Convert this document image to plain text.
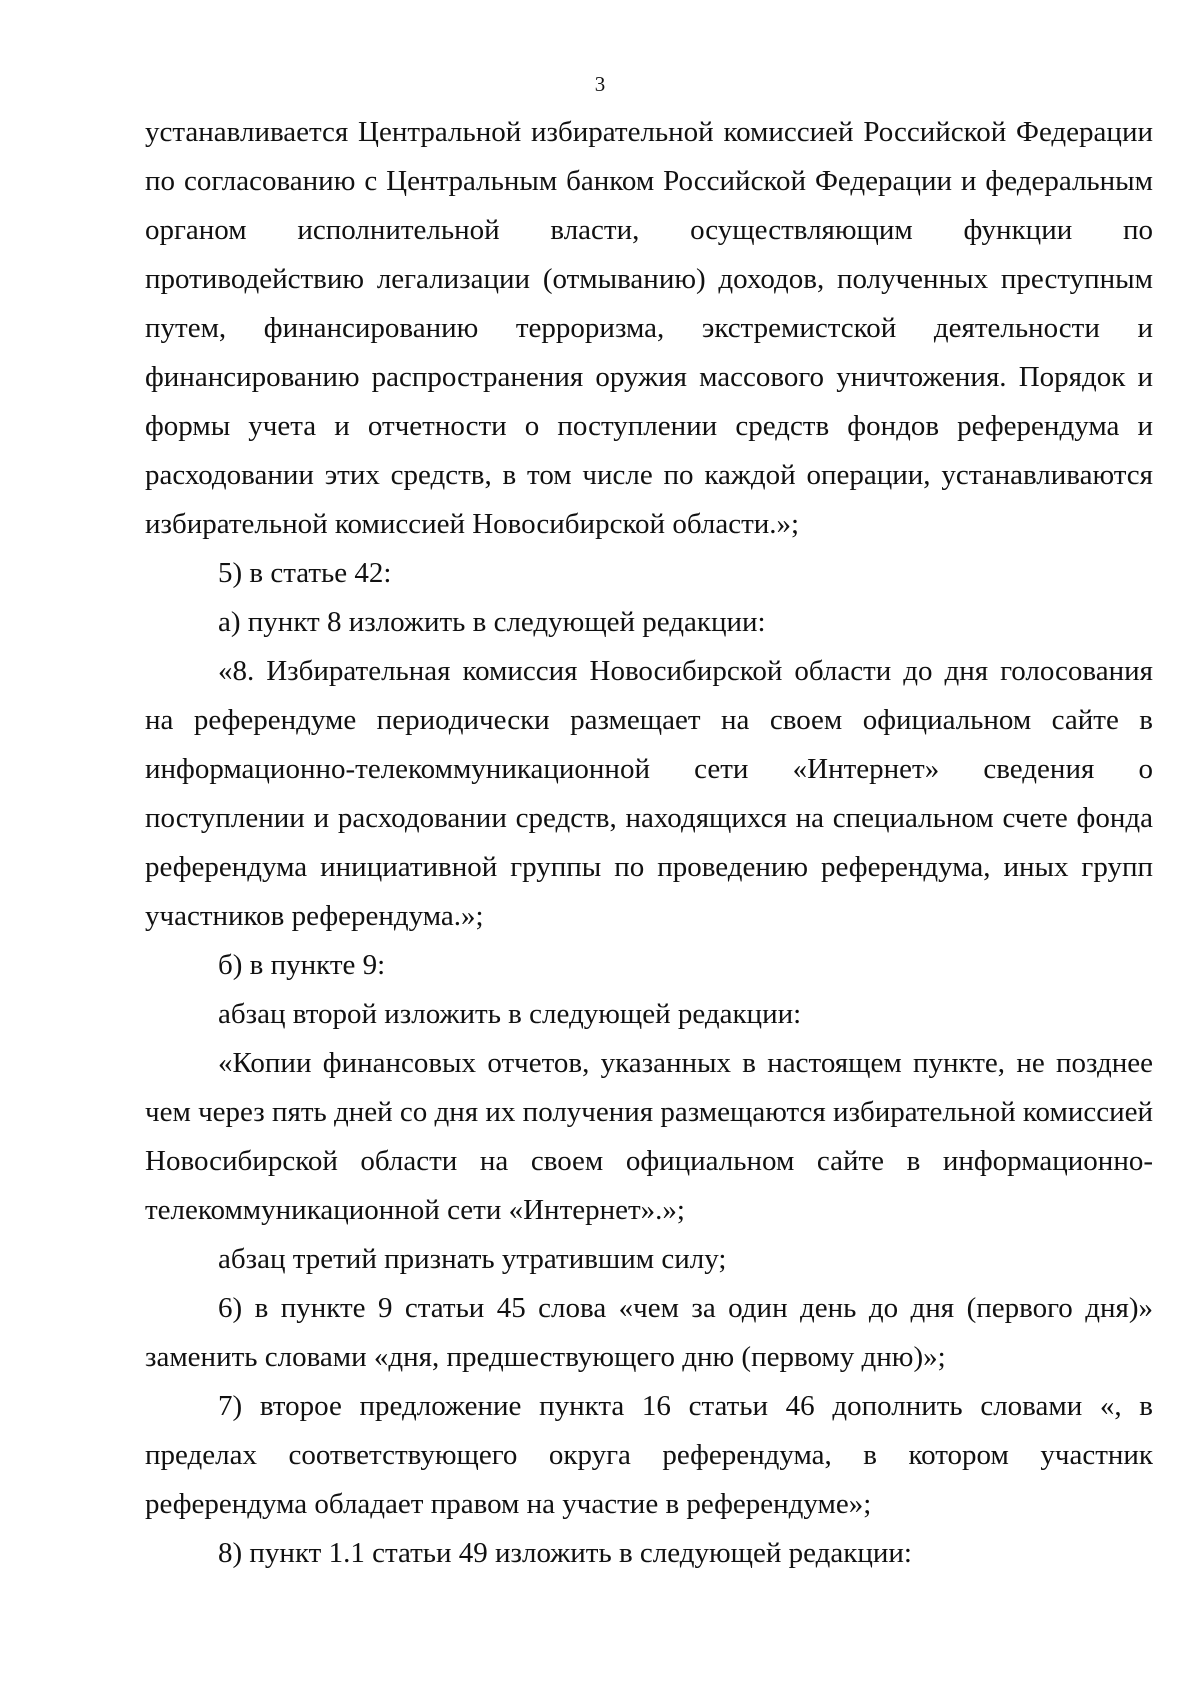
3

устанавливается Центральной избирательной комиссией Российской Федерации по согласованию с Центральным банком Российской Федерации и федеральным органом исполнительной власти, осуществляющим функции по противодействию легализации (отмыванию) доходов, полученных преступным путем, финансированию терроризма, экстремистской деятельности и финансированию распространения оружия массового уничтожения. Порядок и формы учета и отчетности о поступлении средств фондов референдума и расходовании этих средств, в том числе по каждой операции, устанавливаются избирательной комиссией Новосибирской области.»;

5) в статье 42:

а) пункт 8 изложить в следующей редакции:

«8. Избирательная комиссия Новосибирской области до дня голосования на референдуме периодически размещает на своем официальном сайте в информационно-телекоммуникационной сети «Интернет» сведения о поступлении и расходовании средств, находящихся на специальном счете фонда референдума инициативной группы по проведению референдума, иных групп участников референдума.»;

б) в пункте 9:

абзац второй изложить в следующей редакции:

«Копии финансовых отчетов, указанных в настоящем пункте, не позднее чем через пять дней со дня их получения размещаются избирательной комиссией Новосибирской области на своем официальном сайте в информационно-телекоммуникационной сети «Интернет».»;

абзац третий признать утратившим силу;

6) в пункте 9 статьи 45 слова «чем за один день до дня (первого дня)» заменить словами «дня, предшествующего дню (первому дню)»;

7) второе предложение пункта 16 статьи 46 дополнить словами «, в пределах соответствующего округа референдума, в котором участник референдума обладает правом на участие в референдуме»;

8) пункт 1.1 статьи 49 изложить в следующей редакции:
